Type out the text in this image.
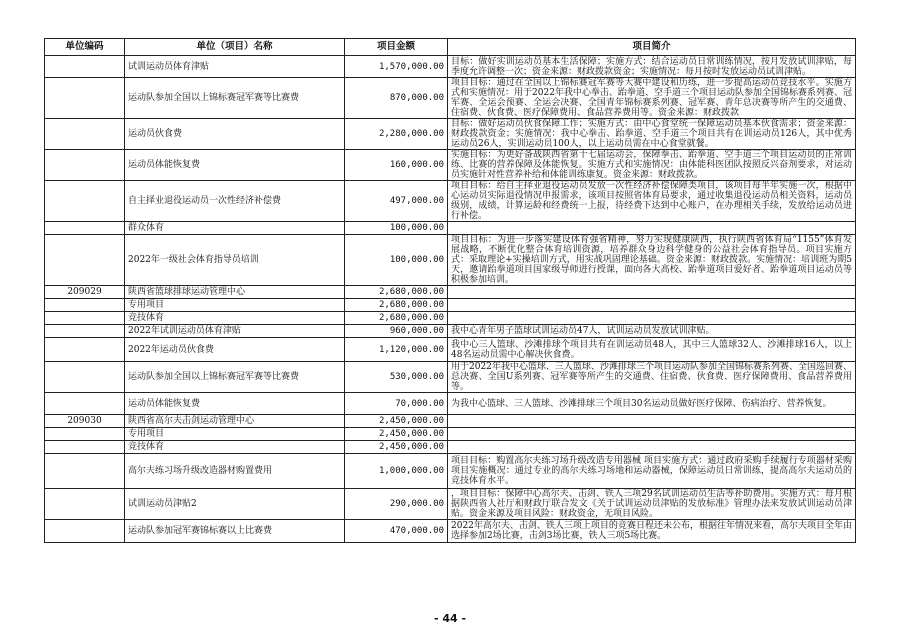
单位编码	单位（项目）名称	项目金额	项目简介
	试训运动员体育津贴	1,570,000.00	目标：做好实训运动员基本生活保障；实施方式：结合运动员日常训练情况，按月发放试训津贴，每季度允许调整一次；资金来源：财政拨款资金；实施情况：每月按时发放运动员试训津贴。
	运动队参加全国以上锦标赛冠军赛等比赛费	870,000.00	项目目标：通过在全国以上锦标赛冠军赛等大赛中建设和历练，进一步提高运动员竞技水平。实施方式和实施情况：用于2022年我中心拳击、跆拳道、空手道三个项目运动队参加全国锦标赛系列赛、冠军赛、全运会预赛、全运会决赛、全国青年锦标赛系列赛、冠军赛、青年总决赛等所产生的交通费、住宿费、伙食费、医疗保障费用、食品营养费用等。资金来源：财政拨款
	运动员伙食费	2,280,000.00	目标：做好运动员伙食保障工作；实施方式：由中心食堂统一保障运动员基本伙食需求；资金来源：财政拨款资金；实施情况：我中心拳击、跆拳道、空手道三个项目共有在训运动员126人，其中优秀运动员26人，实训运动员100人，以上运动员需在中心食堂就餐。
	运动员体能恢复费	160,000.00	实施目标：为更好备战陕西省第十七届运动会，保障拳击、跆拳道、空手道三个项目运动员的正常训练、比赛的营养保障及体能恢复。实施方式和实施情况：由体能科医团队按照反兴奋剂要求，对运动员实施针对性营养补给和体能训练康复。资金来源：财政拨款。
	自主择业退役运动员一次性经济补偿费	497,000.00	项目目标：给自主择业退役运动员发放一次性经济补偿保障类项目，该项目每半年实施一次，根据中心运动员实际退役情况申报需求，该项目按照省体育局要求，通过收集退役运动员相关资料，运动员级别，成绩，计算运龄和经费统一上报，待经费下达到中心账户，在办理相关手续，发放给运动员进行补偿。
	群众体育	100,000.00	
	2022年一级社会体育指导员培训	100,000.00	项目目标：为进一步落实建设体育强省精神，努力实现健康陕西，执行陕西省体育局“1155”体育发展战略，不断优化整合体育培训资源，培养群众身边科学健身的公益社会体育指导员。项目实施方式：采取理论+实操培训方式，用实战巩固理论基础。资金来源：财政拨款。实施情况：培训班为期5天，邀请跆拳道项目国家级导师进行授课，面向各大高校、跆拳道项目爱好者、跆拳道项目运动员等积极参加培训。
209029	陕西省篮球排球运动管理中心	2,680,000.00	
	专用项目	2,680,000.00	
	竞技体育	2,680,000.00	
	2022年试训运动员体育津贴	960,000.00	我中心青年男子篮球试训运动员47人，试训运动员发放试训津贴。
	2022年运动员伙食费	1,120,000.00	我中心三人篮球、沙滩排球个项目共有在训运动员48人，其中三人篮球32人、沙滩排球16人，以上48名运动员需中心解决伙食费。
	运动队参加全国以上锦标赛冠军赛等比赛费	530,000.00	用于2022年我中心篮球、三人篮球、沙滩排球三个项目运动队参加全国锦标赛系列赛、全国巡回赛、总决赛、全国U系列赛、冠军赛等所产生的交通费、住宿费、伙食费、医疗保障费用、食品营养费用等。
	运动员体能恢复费	70,000.00	为我中心篮球、三人篮球、沙滩排球三个项目30名运动员做好医疗保障、伤病治疗、营养恢复。
209030	陕西省高尔夫击剑运动管理中心	2,450,000.00	
	专用项目	2,450,000.00	
	竞技体育	2,450,000.00	
	高尔夫练习场升级改造器材购置费用	1,000,000.00	项目目标：购置高尔夫练习场升级改造专用器械 项目实施方式：通过政府采购手续履行专项器材采购 项目实施概况：通过专业的高尔夫练习场地和运动器械，保障运动员日常训练，提高高尔夫运动员的竞技体育水平。
	试训运动员津贴2	290,000.00	，项目目标：保障中心高尔夫、击剑、铁人三项29名试训运动员生活等补助费用。实施方式：每月根据陕西省人社厅和财政厅联合发文《关于试训运动员津贴的发放标准》管理办法来发放试训运动员津贴。资金来源及项目风险：财政资金，无项目风险。
	运动队参加冠军赛锦标赛以上比赛费	470,000.00	2022年高尔夫、击剑、铁人三项上项目的竞赛日程还未公布，根据往年情况来看，高尔夫项目全年由选择参加2场比赛，击剑3场比赛，铁人三项5场比赛。
- 44 -
